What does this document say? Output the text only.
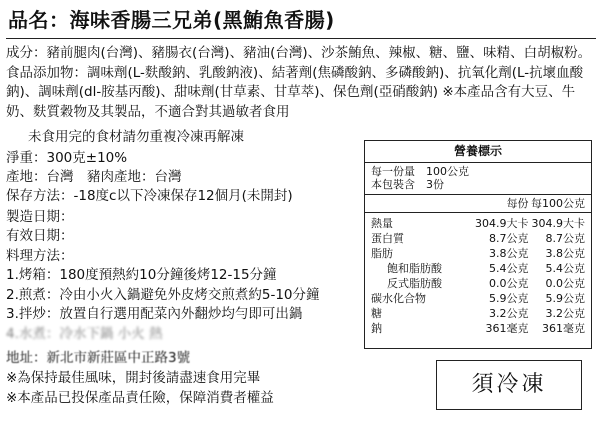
品名：海味香腸三兄弟(黑鮪魚香腸)
成分：豬前腿肉(台灣)、豬腸衣(台灣)、豬油(台灣)、沙茶鮪魚、辣椒、糖、鹽、味精、白胡椒粉。食品添加物：調味劑(L-麩酸鈉、乳酸鈉液)、結著劑(焦磷酸鈉、多磷酸鈉)、抗氧化劑(L-抗壞血酸鈉)、調味劑(dl-胺基丙酸)、甜味劑(甘草素、甘草萃)、保色劑(亞硝酸鈉) ※本產品含有大豆、牛奶、麩質穀物及其製品，不適合對其過敏者食用
未食用完的食材請勿重複冷凍再解凍
淨重：300克±10%
產地：台灣　豬肉產地：台灣
保存方法：-18度c以下冷凍保存12個月(未開封)
製造日期：
有效日期：
料理方法：
1.烤箱：180度預熱約10分鐘後烤12-15分鐘
2.煎煮：冷由小火入鍋避免外皮烤交煎煮約5-10分鐘
3.拌炒：放置自行選用配菜內外翻炒均勻即可出鍋
4.水煮：冷水下鍋 小火 熱
地址：新北市新莊區中正路3號
※為保持最佳風味，開封後請盡速食用完畢
※本產品已投保產品責任險，保障消費者權益
營養標示
每一份量　100公克
本包裝含　3份
每份 每100公克
熱量	304.9大卡 304.9大卡
蛋白質	8.7公克	8.7公克
脂肪	3.8公克	3.8公克
飽和脂肪酸	5.4公克	5.4公克
反式脂肪酸	0.0公克	0.0公克
碳水化合物	5.9公克	5.9公克
糖	3.2公克	3.2公克
鈉	361毫克	361毫克
須冷凍
